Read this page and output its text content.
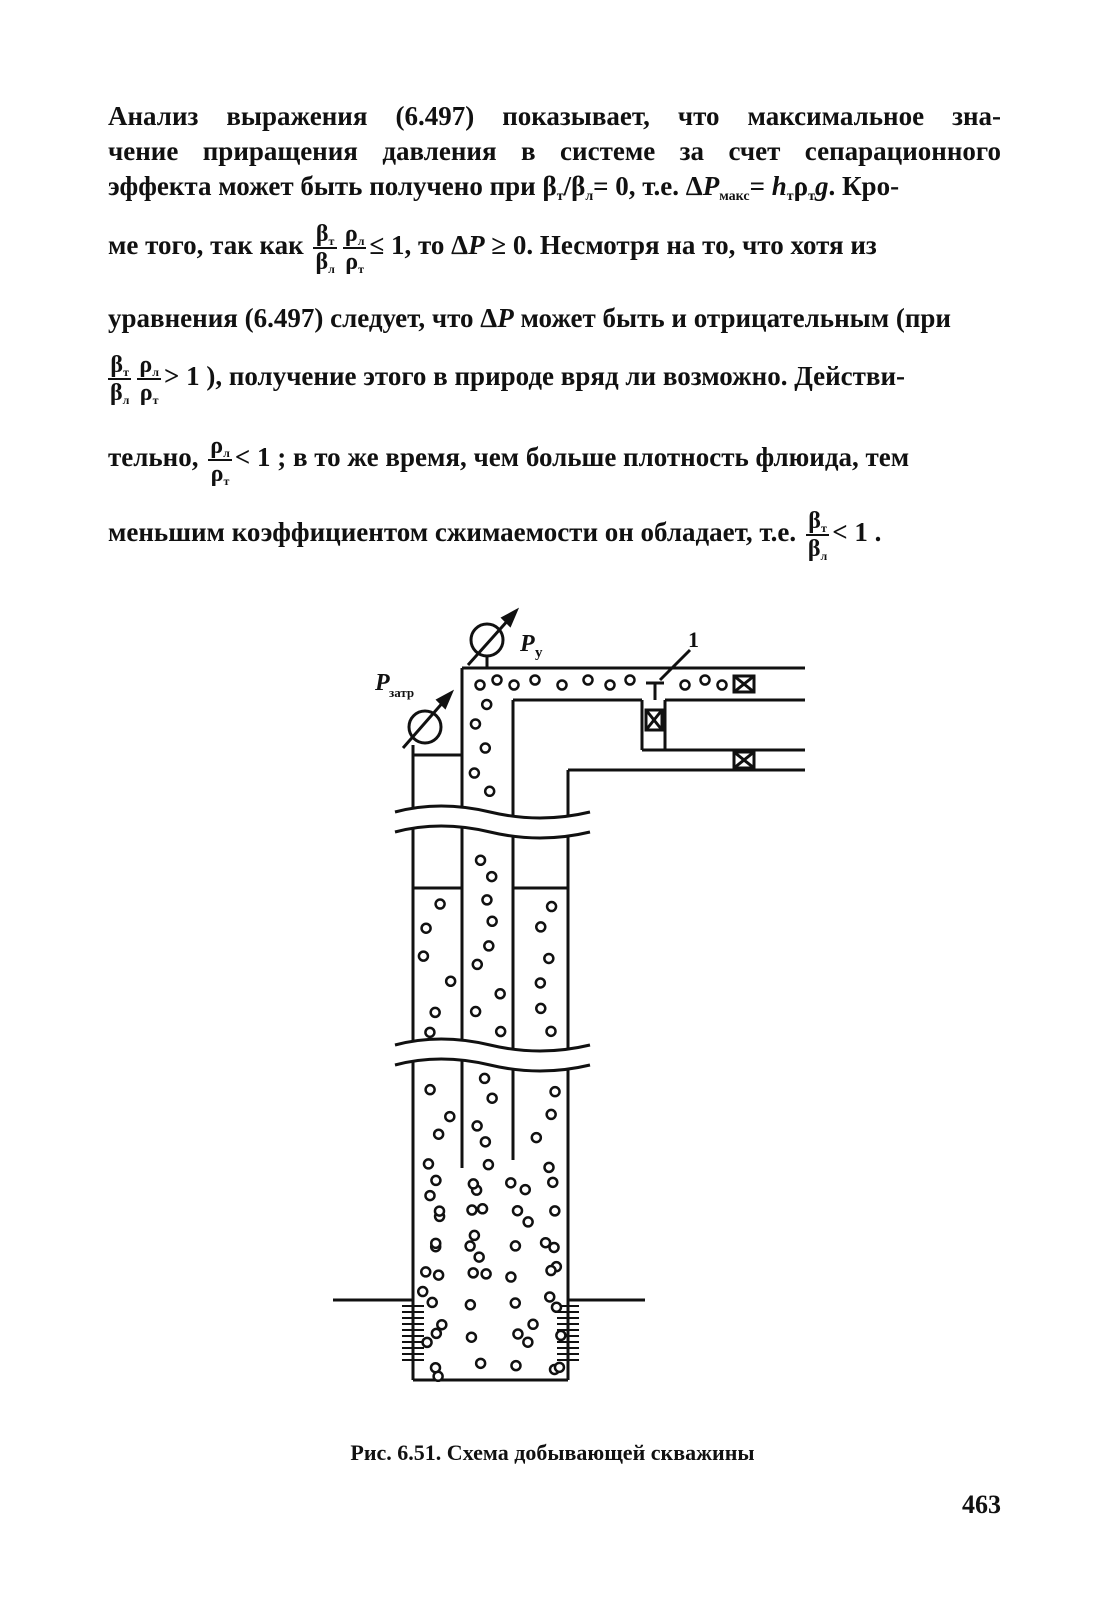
Анализ выражения (6.497) показывает, что максимальное зна-
чение приращения давления в системе за счет сепарационного
эффекта может быть получено при $\beta_т/\beta_л= 0$, т.е. $\Delta P_{макс}= h_т\rho_тg$. Кро-
ме того, так как $\frac{\beta_т}{\beta_л} \frac{\rho_л}{\rho_т} \le 1$, то ΔP ≥ 0. Несмотря на то, что хотя из
уравнения (6.497) следует, что ΔP может быть и отрицательным (при
$\frac{\beta_т}{\beta_л} \frac{\rho_л}{\rho_т} > 1$ ), получение этого в природе вряд ли возможно. Действи-
тельно, $\frac{\rho_л}{\rho_т} < 1$ ; в то же время, чем больше плотность флюида, тем
меньшим коэффициентом сжимаемости он обладает, т.е. $\frac{\beta_т}{\beta_л} < 1$ .
P у
P затр
1
Рис. 6.51. Схема добывающей скважины
463
